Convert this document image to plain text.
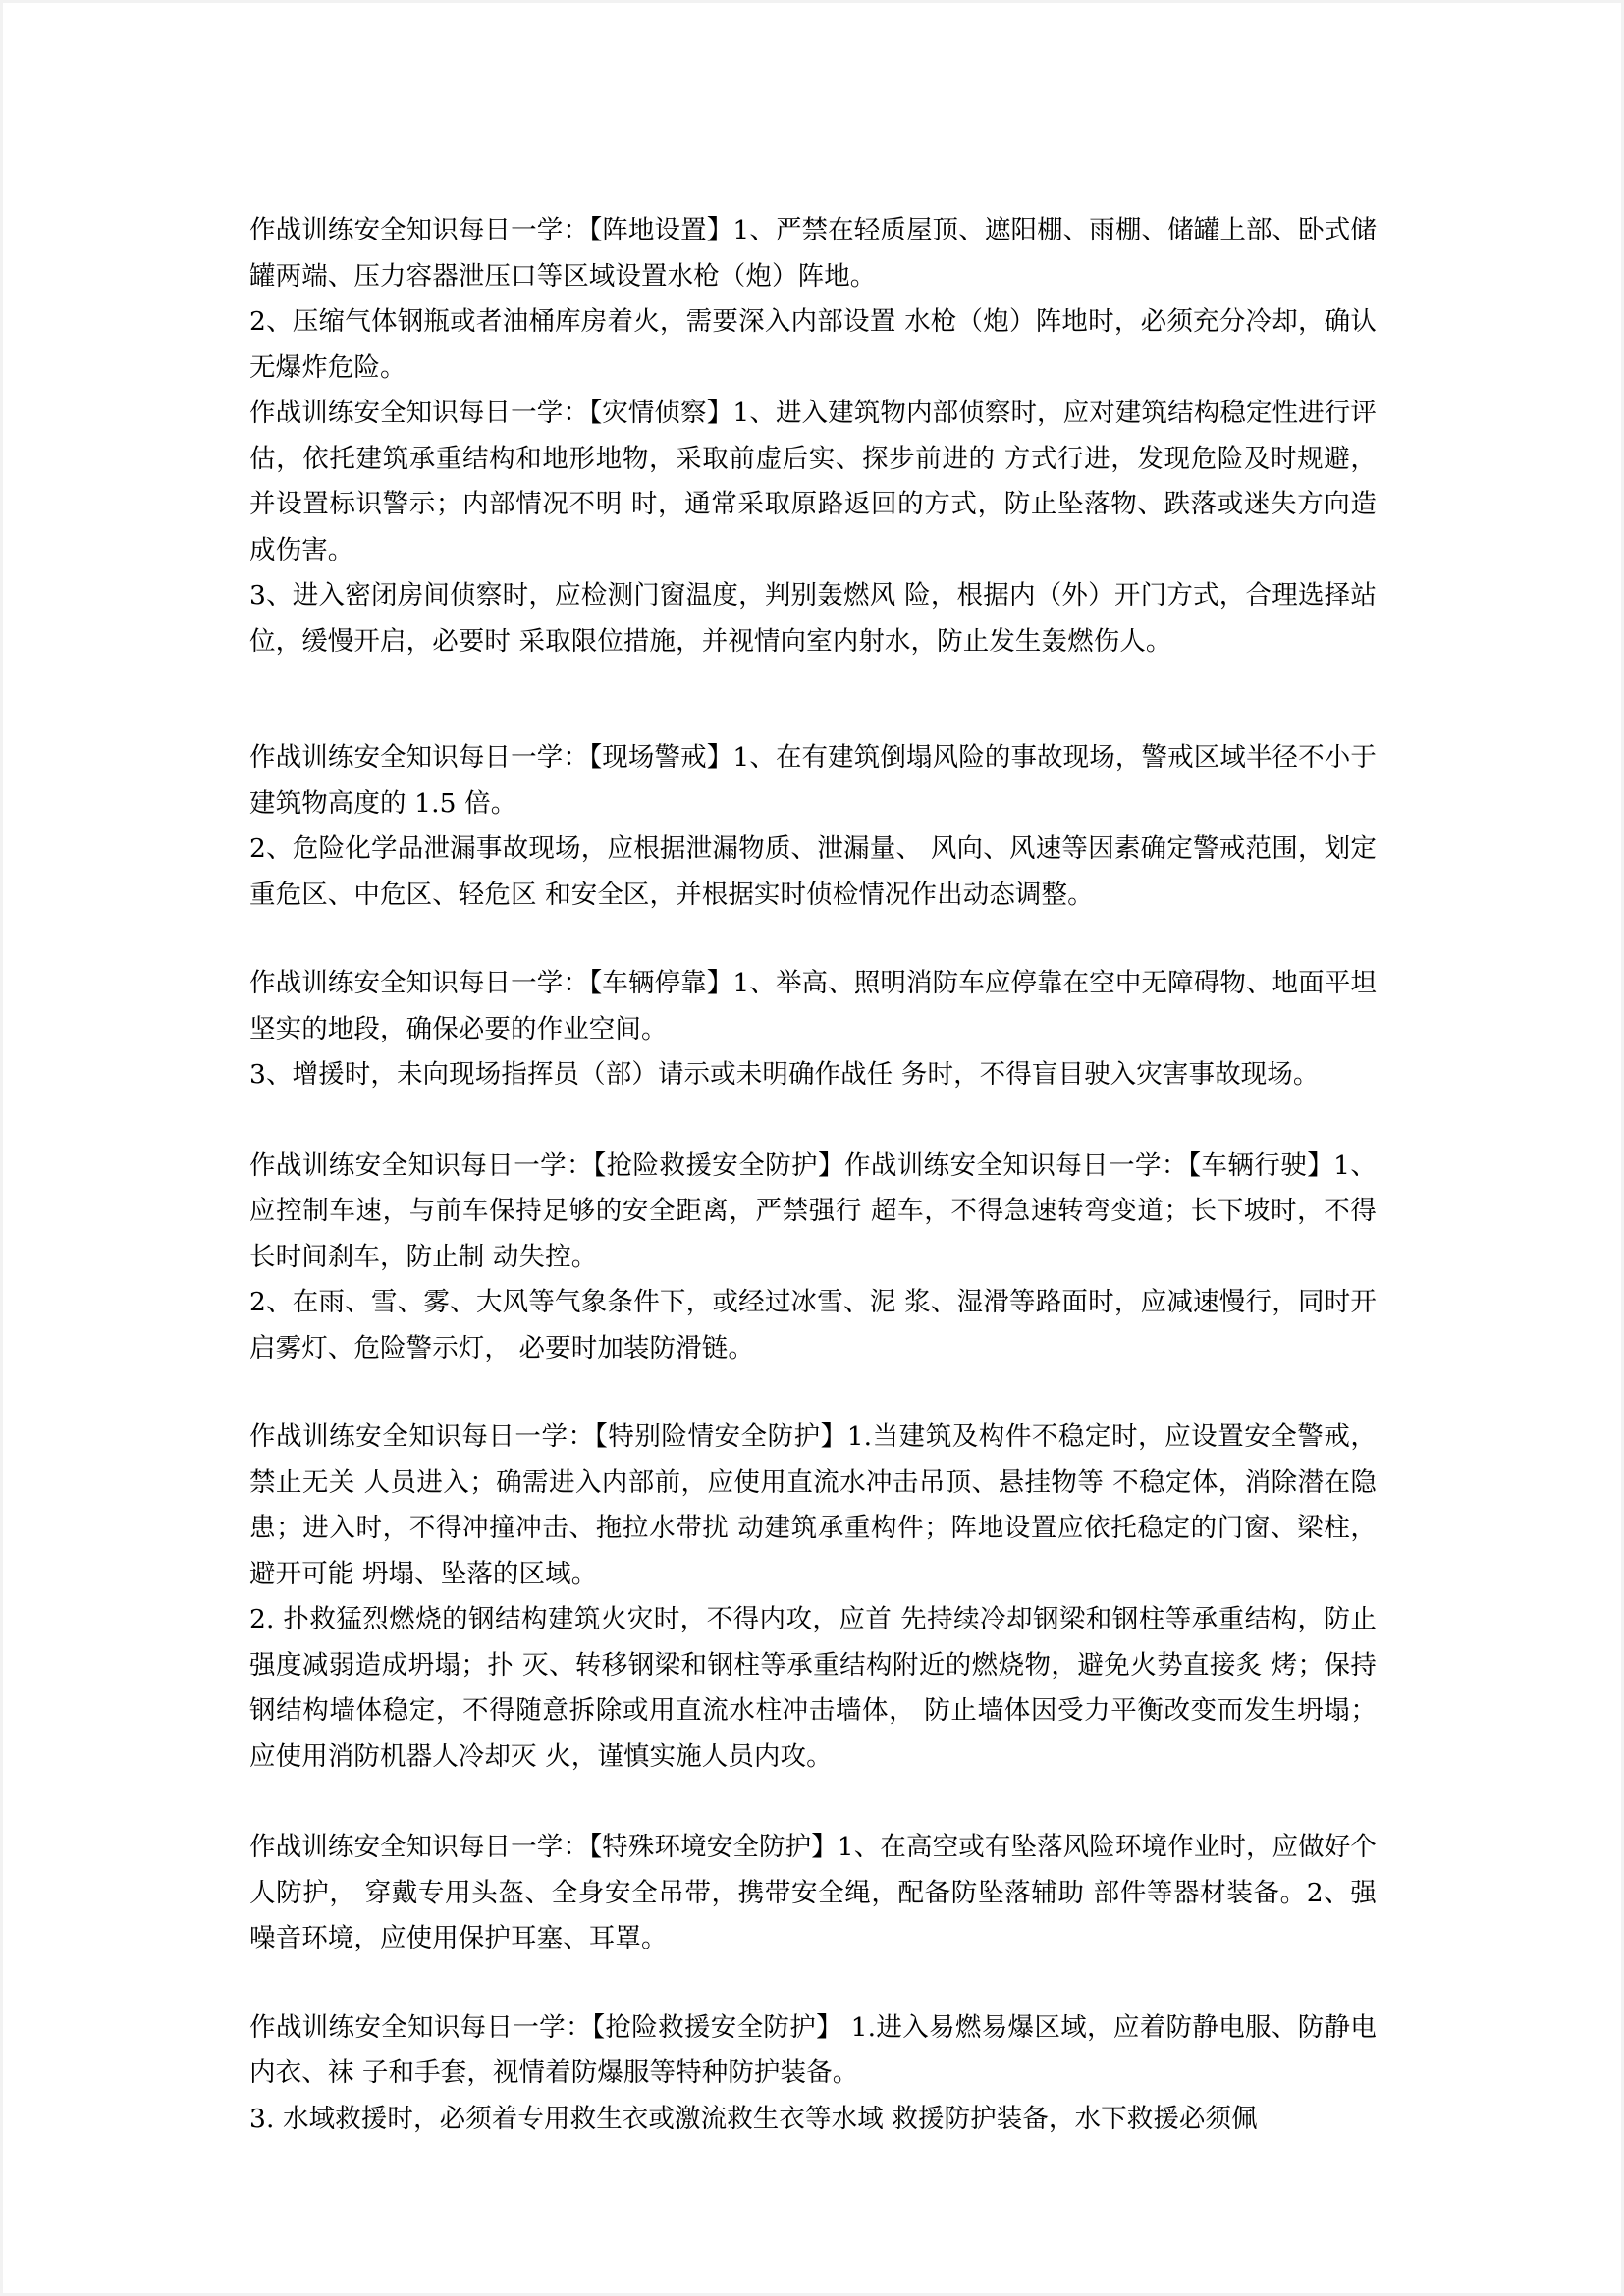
作战训练安全知识每日一学：【阵地设置】1、严禁在轻质屋顶、遮阳棚、雨棚、储罐上部、卧式储 罐两端、压力容器泄压口等区域设置水枪（炮）阵地。

2、压缩气体钢瓶或者油桶库房着火，需要深入内部设置 水枪（炮）阵地时，必须充分冷却，确认无爆炸危险。

作战训练安全知识每日一学：【灾情侦察】1、进入建筑物内部侦察时，应对建筑结构稳定性进行评 估，依托建筑承重结构和地形地物，采取前虚后实、探步前进的 方式行进，发现危险及时规避，并设置标识警示；内部情况不明 时，通常采取原路返回的方式，防止坠落物、跌落或迷失方向造 成伤害。

3、进入密闭房间侦察时，应检测门窗温度，判别轰燃风 险，根据内（外）开门方式，合理选择站位，缓慢开启，必要时 采取限位措施，并视情向室内射水，防止发生轰燃伤人。

作战训练安全知识每日一学：【现场警戒】1、在有建筑倒塌风险的事故现场，警戒区域半径不小于 建筑物高度的 1.5 倍。

2、危险化学品泄漏事故现场，应根据泄漏物质、泄漏量、 风向、风速等因素确定警戒范围，划定重危区、中危区、轻危区 和安全区，并根据实时侦检情况作出动态调整。

作战训练安全知识每日一学：【车辆停靠】1、举高、照明消防车应停靠在空中无障碍物、地面平坦坚实的地段，确保必要的作业空间。

3、增援时，未向现场指挥员（部）请示或未明确作战任 务时，不得盲目驶入灾害事故现场。

作战训练安全知识每日一学：【抢险救援安全防护】作战训练安全知识每日一学：【车辆行驶】1、应控制车速，与前车保持足够的安全距离，严禁强行 超车，不得急速转弯变道；长下坡时，不得长时间刹车，防止制 动失控。

2、在雨、雪、雾、大风等气象条件下，或经过冰雪、泥 浆、湿滑等路面时，应减速慢行，同时开启雾灯、危险警示灯， 必要时加装防滑链。

作战训练安全知识每日一学：【特别险情安全防护】1.当建筑及构件不稳定时，应设置安全警戒，禁止无关 人员进入；确需进入内部前，应使用直流水冲击吊顶、悬挂物等 不稳定体，消除潜在隐患；进入时，不得冲撞冲击、拖拉水带扰 动建筑承重构件；阵地设置应依托稳定的门窗、梁柱，避开可能 坍塌、坠落的区域。

2. 扑救猛烈燃烧的钢结构建筑火灾时，不得内攻，应首 先持续冷却钢梁和钢柱等承重结构，防止强度减弱造成坍塌；扑 灭、转移钢梁和钢柱等承重结构附近的燃烧物，避免火势直接炙 烤；保持钢结构墙体稳定，不得随意拆除或用直流水柱冲击墙体， 防止墙体因受力平衡改变而发生坍塌；应使用消防机器人冷却灭 火，谨慎实施人员内攻。

作战训练安全知识每日一学：【特殊环境安全防护】1、在高空或有坠落风险环境作业时，应做好个人防护， 穿戴专用头盔、全身安全吊带，携带安全绳，配备防坠落辅助 部件等器材装备。2、强噪音环境，应使用保护耳塞、耳罩。

作战训练安全知识每日一学：【抢险救援安全防护】 1.进入易燃易爆区域，应着防静电服、防静电内衣、袜 子和手套，视情着防爆服等特种防护装备。

3. 水域救援时，必须着专用救生衣或激流救生衣等水域 救援防护装备，水下救援必须佩
